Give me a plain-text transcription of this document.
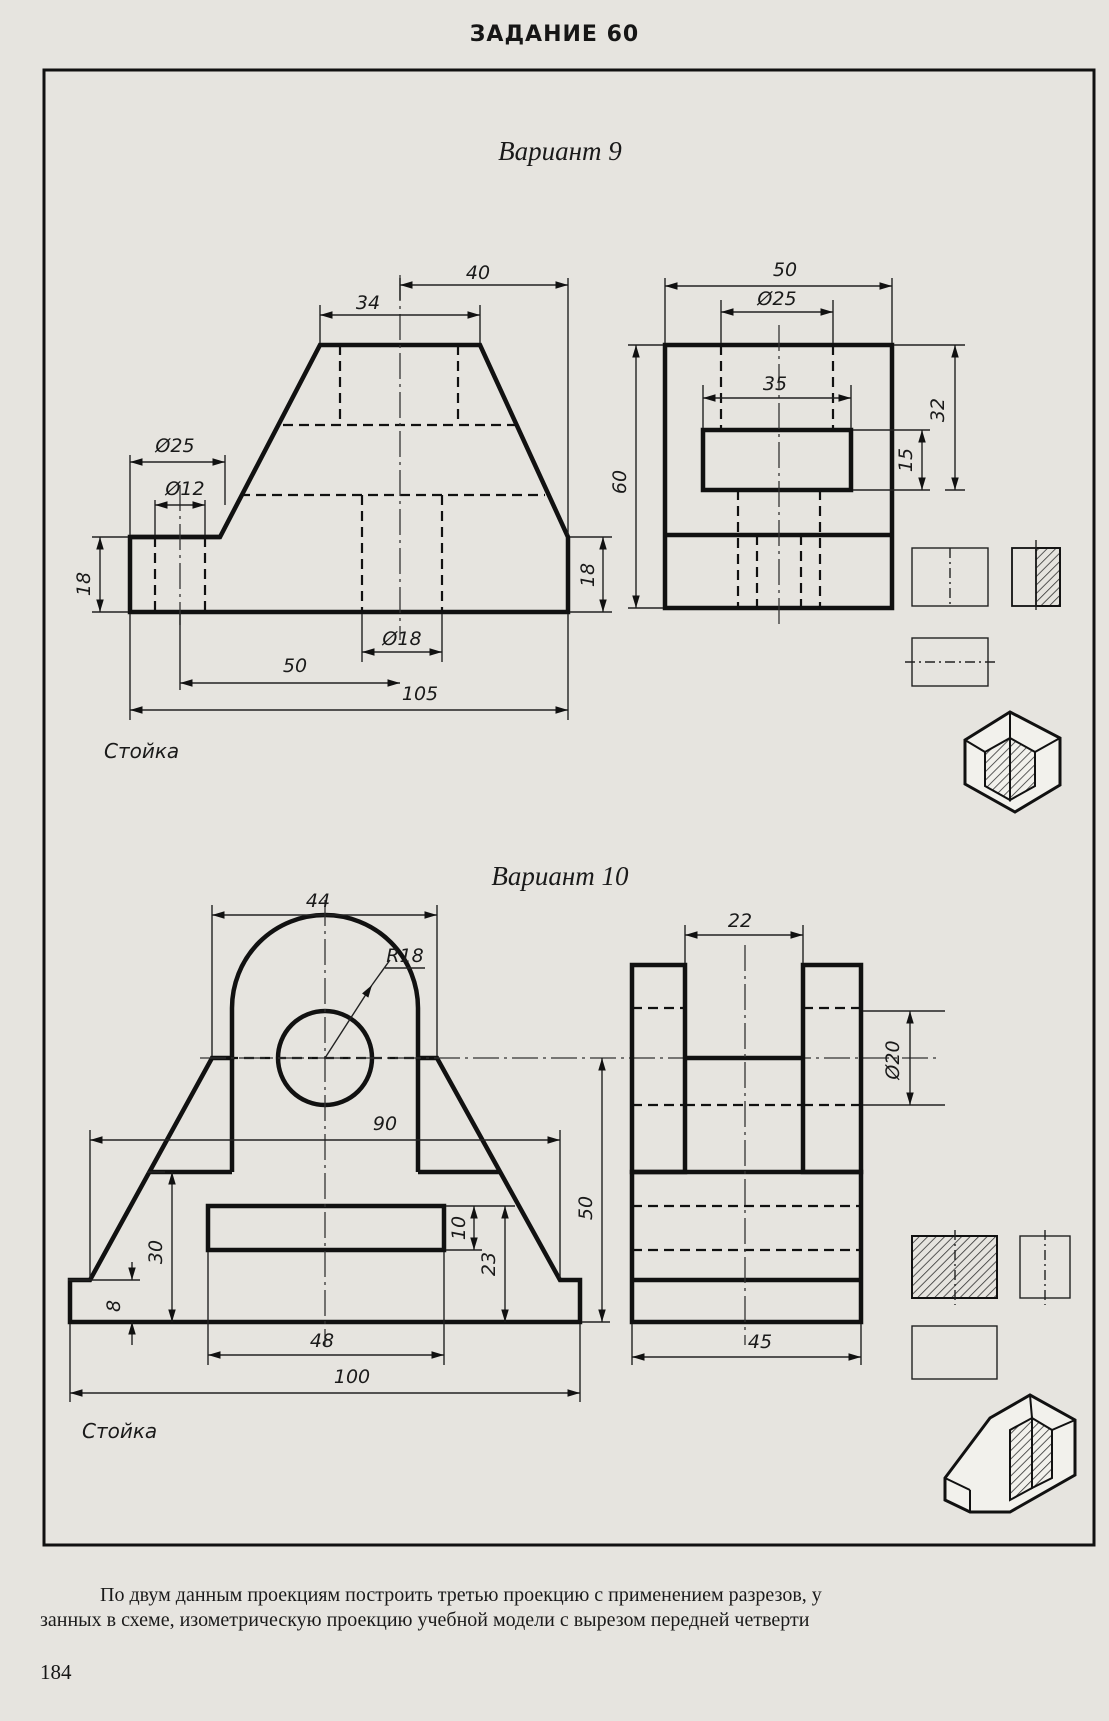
ЗАДАНИЕ 60
Вариант 9
40
34
Ø25
Ø12
18	18
Ø18
50
105
Стойка
50
Ø25
35
60
15
32
Вариант 10
44
R18
90
30
8
10
23
50
48
100
Стойка
22
Ø20
45

По двум данным проекциям построить третью проекцию с применением разрезов, у

занных в схеме, изометрическую проекцию учебной модели с вырезом передней четверти

184
